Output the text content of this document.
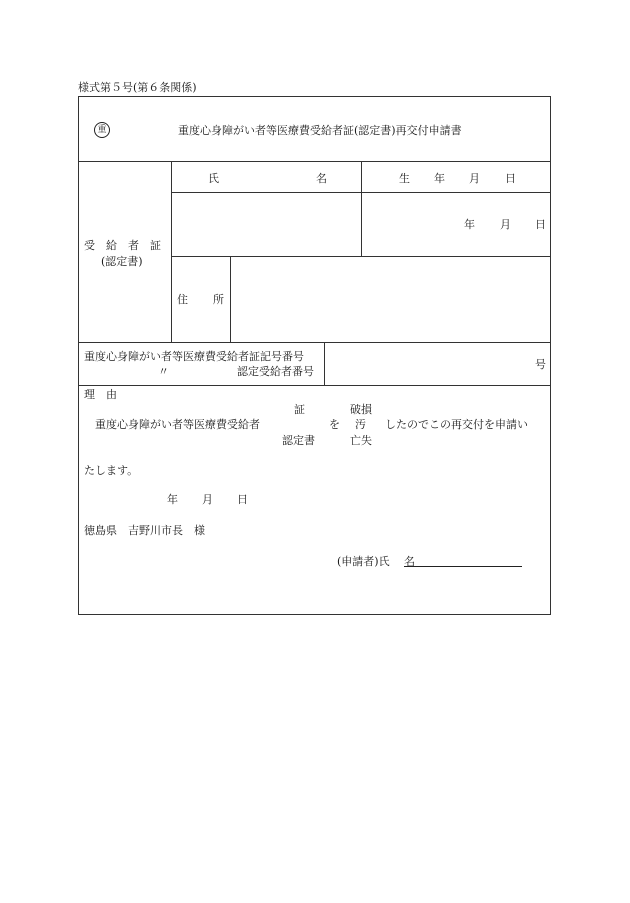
様式第５号(第６条関係)
重	重度心身障がい者等医療費受給者証(認定書)再交付申請書
受　給　者　証
(認定書)
氏	名	生 年 月 日
年 月 日
住 所
重度心身障がい者等医療費受給者証記号番号
〃	認定受給者番号
号
理　由
証	破損
重度心身障がい者等医療費受給者	を 汚 したのでこの再交付を申請い
認定書	亡失
たします。
年 月 日
徳島県　吉野川市長　様
(申請者)氏 名
